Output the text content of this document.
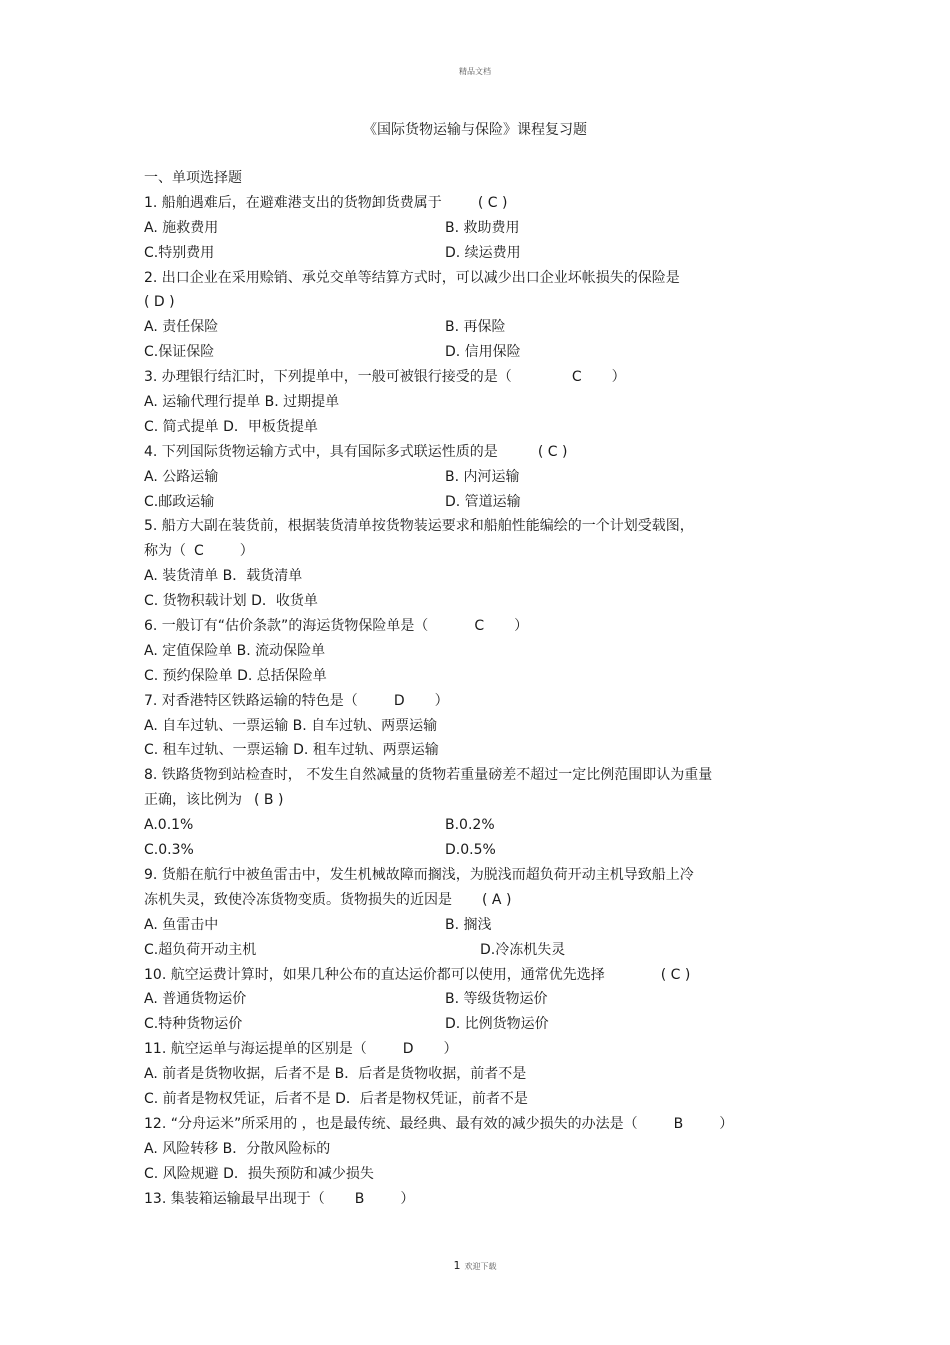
精品文档
《国际货物运输与保险》课程复习题
一、单项选择题
1. 船舶遇难后，在避难港支出的货物卸货费属于	( C )
A. 施救费用	B. 救助费用
C.特别费用	D. 续运费用
2. 出口企业在采用赊销、承兑交单等结算方式时，可以减少出口企业坏帐损失的保险是
( D )
A. 责任保险	B. 再保险
C.保证保险	D. 信用保险
3. 办理银行结汇时，下列提单中，一般可被银行接受的是（	C ）
A. 运输代理行提单 B. 过期提单
C. 简式提单 D．甲板货提单
4. 下列国际货物运输方式中，具有国际多式联运性质的是	( C )
A. 公路运输	B. 内河运输
C.邮政运输	D. 管道运输
5. 船方大副在装货前，根据装货清单按货物装运要求和船舶性能编绘的一个计划受载图，
称为（ C	）
A. 装货清单 B．载货清单
C. 货物积载计划 D．收货单
6. 一般订有“估价条款”的海运货物保险单是（	C ）
A. 定值保险单 B. 流动保险单
C. 预约保险单 D. 总括保险单
7. 对香港特区铁路运输的特色是（	D ）
A. 自车过轨、一票运输 B. 自车过轨、两票运输
C. 租车过轨、一票运输 D. 租车过轨、两票运输
8. 铁路货物到站检查时， 不发生自然减量的货物若重量磅差不超过一定比例范围即认为重量
正确，该比例为 ( B )
A.0.1%	B.0.2%
C.0.3%	D.0.5%
9. 货船在航行中被鱼雷击中，发生机械故障而搁浅，为脱浅而超负荷开动主机导致船上冷
冻机失灵，致使冷冻货物变质。货物损失的近因是 ( A )
A. 鱼雷击中	B. 搁浅
C.超负荷开动主机	D.冷冻机失灵
10. 航空运费计算时，如果几种公布的直达运价都可以使用，通常优先选择	( C )
A. 普通货物运价	B. 等级货物运价
C.特种货物运价	D. 比例货物运价
11. 航空运单与海运提单的区别是（	D ）
A. 前者是货物收据，后者不是 B．后者是货物收据，前者不是
C. 前者是物权凭证，后者不是 D．后者是物权凭证，前者不是
12. “分舟运米”所采用的 ，也是最传统、最经典、最有效的减少损失的办法是（	B	）
A. 风险转移 B．分散风险标的
C. 风险规避 D．损失预防和减少损失
13. 集装箱运输最早出现于（ B	）
1 欢迎下载
